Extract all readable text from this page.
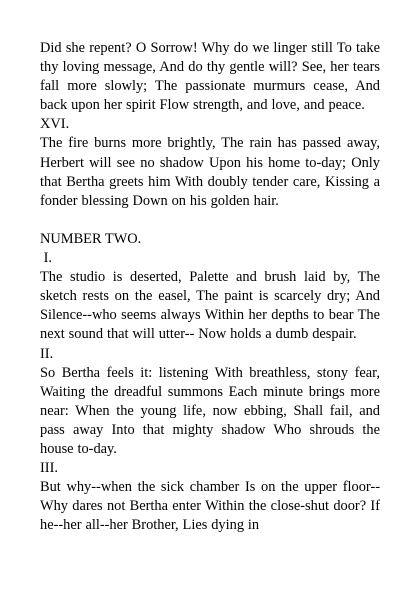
Did she repent? O Sorrow! Why do we linger still To take thy loving message, And do thy gentle will? See, her tears fall more slowly; The passionate murmurs cease, And back upon her spirit Flow strength, and love, and peace.

XVI.

The fire burns more brightly, The rain has passed away, Herbert will see no shadow Upon his home to-day; Only that Bertha greets him With doubly tender care, Kissing a fonder blessing Down on his golden hair.

NUMBER TWO.

I.

The studio is deserted, Palette and brush laid by, The sketch rests on the easel, The paint is scarcely dry; And Silence--who seems always Within her depths to bear The next sound that will utter-- Now holds a dumb despair.

II.

So Bertha feels it: listening With breathless, stony fear, Waiting the dreadful summons Each minute brings more near: When the young life, now ebbing, Shall fail, and pass away Into that mighty shadow Who shrouds the house to-day.

III.

But why--when the sick chamber Is on the upper floor-- Why dares not Bertha enter Within the close-shut door? If he--her all--her Brother, Lies dying in
